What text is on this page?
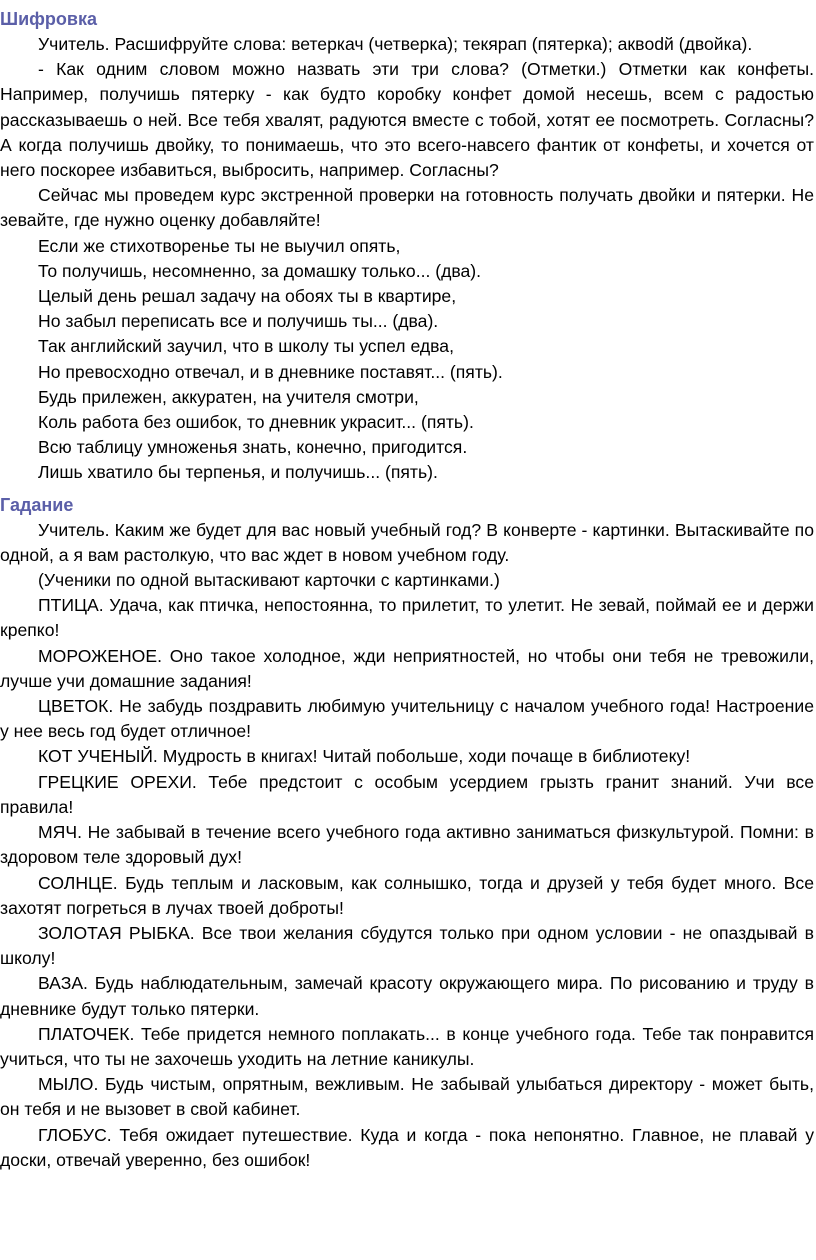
Шифровка

Учитель. Расшифруйте слова: ветеркач (четверка); текярап (пятерка); аквodй (двойка).

- Как одним словом можно назвать эти три слова? (Отметки.) Отметки как конфеты. Например, получишь пятерку - как будто коробку конфет домой несешь, всем с радостью рассказываешь о ней. Все тебя хвалят, радуются вместе с тобой, хотят ее посмотреть. Согласны? А когда получишь двойку, то понимаешь, что это всего-навсего фантик от конфеты, и хочется от него поскорее избавиться, выбросить, например. Согласны?

Сейчас мы проведем курс экстренной проверки на готовность получать двойки и пятерки. Не зевайте, где нужно оценку добавляйте!

Если же стихотворенье ты не выучил опять,
То получишь, несомненно, за домашку только... (два).
Целый день решал задачу на обоях ты в квартире,
Но забыл переписать все и получишь ты... (два).
Так английский заучил, что в школу ты успел едва,
Но превосходно отвечал, и в дневнике поставят... (пять).
Будь прилежен, аккуратен, на учителя смотри,
Коль работа без ошибок, то дневник украсит... (пять).
Всю таблицу умноженья знать, конечно, пригодится.
Лишь хватило бы терпенья, и получишь... (пять).
Гадание

Учитель. Каким же будет для вас новый учебный год? В конверте - картинки. Вытаскивайте по одной, а я вам растолкую, что вас ждет в новом учебном году.

(Ученики по одной вытаскивают карточки с картинками.)

ПТИЦА. Удача, как птичка, непостоянна, то прилетит, то улетит. Не зевай, поймай ее и держи крепко!

МОРОЖЕНОЕ. Оно такое холодное, жди неприятностей, но чтобы они тебя не тревожили, лучше учи домашние задания!

ЦВЕТОК. Не забудь поздравить любимую учительницу с началом учебного года! Настроение у нее весь год будет отличное!

КОТ УЧЕНЫЙ. Мудрость в книгах! Читай побольше, ходи почаще в библиотеку!

ГРЕЦКИЕ ОРЕХИ. Тебе предстоит с особым усердием грызть гранит знаний. Учи все правила!

МЯЧ. Не забывай в течение всего учебного года активно заниматься физкультурой. Помни: в здоровом теле здоровый дух!

СОЛНЦЕ. Будь теплым и ласковым, как солнышко, тогда и друзей у тебя будет много. Все захотят погреться в лучах твоей доброты!

ЗОЛОТАЯ РЫБКА. Все твои желания сбудутся только при одном условии - не опаздывай в школу!

ВАЗА. Будь наблюдательным, замечай красоту окружающего мира. По рисованию и труду в дневнике будут только пятерки.

ПЛАТОЧЕК. Тебе придется немного поплакать... в конце учебного года. Тебе так понравится учиться, что ты не захочешь уходить на летние каникулы.

МЫЛО. Будь чистым, опрятным, вежливым. Не забывай улыбаться директору - может быть, он тебя и не вызовет в свой кабинет.

ГЛОБУС. Тебя ожидает путешествие. Куда и когда - пока непонятно. Главное, не плавай у доски, отвечай уверенно, без ошибок!
